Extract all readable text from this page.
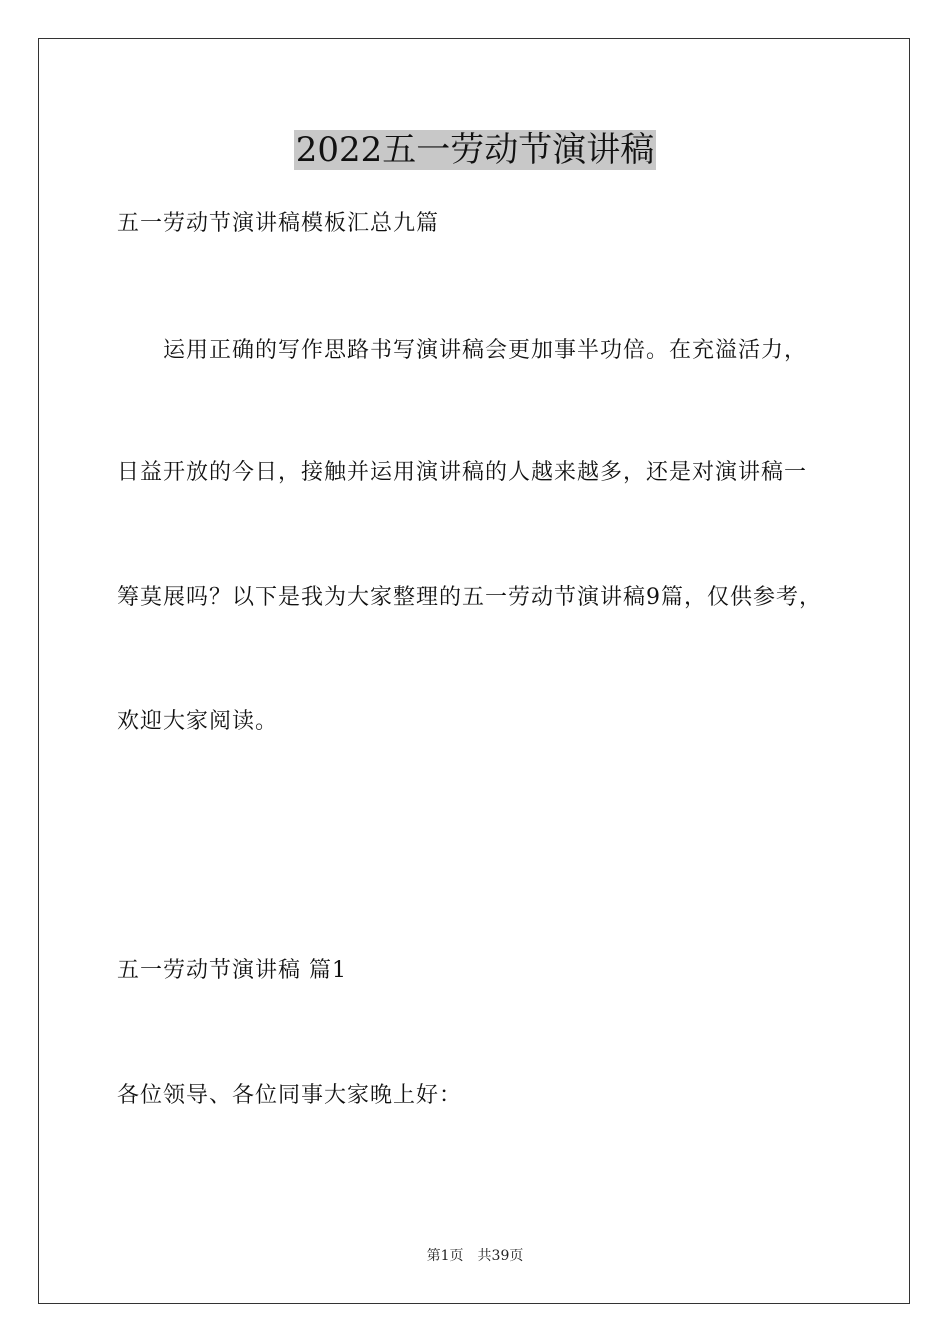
2022五一劳动节演讲稿
五一劳动节演讲稿模板汇总九篇
运用正确的写作思路书写演讲稿会更加事半功倍。在充溢活力，
日益开放的今日，接触并运用演讲稿的人越来越多，还是对演讲稿一
筹莫展吗？以下是我为大家整理的五一劳动节演讲稿9篇，仅供参考，
欢迎大家阅读。
五一劳动节演讲稿 篇1
各位领导、各位同事大家晚上好：
第1页　共39页
